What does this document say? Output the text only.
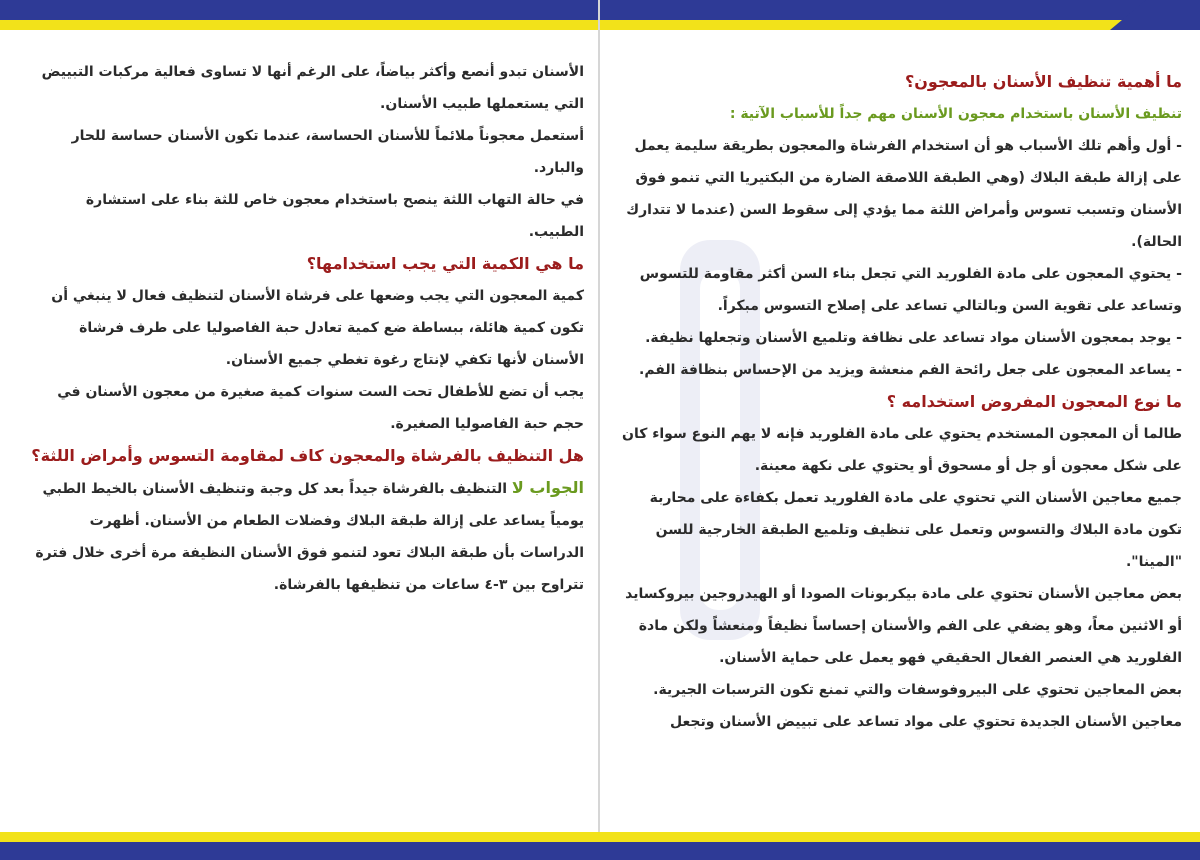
ما أهمية تنظيف الأسنان بالمعجون؟

تنظيف الأسنان باستخدام معجون الأسنان مهم جداً للأسباب الآتية :

- أول وأهم تلك الأسباب هو أن استخدام الفرشاة والمعجون بطريقة سليمة يعمل على إزالة طبقة البلاك (وهي الطبقة اللاصقة الضارة من البكتيريا التي تنمو فوق الأسنان وتسبب تسوس وأمراض اللثة مما يؤدي إلى سقوط السن (عندما لا تتدارك الحالة).

- يحتوي المعجون على مادة الفلوريد التي تجعل بناء السن أكثر مقاومة للتسوس وتساعد على تقوية السن وبالتالي تساعد على إصلاح التسوس مبكراً.

- يوجد بمعجون الأسنان مواد تساعد على نظافة وتلميع الأسنان وتجعلها نظيفة.

- يساعد المعجون على جعل رائحة الفم منعشة ويزيد من الإحساس بنظافة الفم.

ما نوع المعجون المفروض استخدامه ؟

طالما أن المعجون المستخدم يحتوي على مادة الفلوريد فإنه لا يهم النوع سواء كان على شكل معجون أو جل أو مسحوق أو يحتوي على نكهة معينة.

جميع معاجين الأسنان التي تحتوي على مادة الفلوريد تعمل بكفاءة على محاربة تكون مادة البلاك والتسوس وتعمل على تنظيف وتلميع الطبقة الخارجية للسن "المينا".

بعض معاجين الأسنان تحتوي على مادة بيكربونات الصودا أو الهيدروجين بيروكسايد أو الاثنين معاً، وهو يضفي على الفم والأسنان إحساساً نظيفاً ومنعشاً ولكن مادة الفلوريد هي العنصر الفعال الحقيقي فهو يعمل على حماية الأسنان.

بعض المعاجين تحتوي على البيروفوسفات والتي تمنع تكون الترسبات الجيرية.

معاجين الأسنان الجديدة تحتوي على مواد تساعد على تبييض الأسنان وتجعل

الأسنان تبدو أنصع وأكثر بياضاً، على الرغم أنها لا تساوى فعالية مركبات التبييض التي يستعملها طبيب الأسنان.

أستعمل معجوناً ملائماً للأسنان الحساسة، عندما تكون الأسنان حساسة للحار والبارد.

في حالة التهاب اللثة ينصح باستخدام معجون خاص للثة بناء على استشارة الطبيب.

ما هي الكمية التي يجب استخدامها؟

كمية المعجون التي يجب وضعها على فرشاة الأسنان لتنظيف فعال لا ينبغي أن تكون كمية هائلة، ببساطة ضع كمية تعادل حبة الفاصوليا على طرف فرشاة الأسنان لأنها تكفي لإنتاج رغوة تغطي جميع الأسنان.

يجب أن تضع للأطفال تحت الست سنوات كمية صغيرة من معجون الأسنان في حجم حبة الفاصوليا الصغيرة.

هل التنظيف بالفرشاة والمعجون كاف لمقاومة التسوس وأمراض اللثة؟

الجواب لا التنظيف بالفرشاة جيداً بعد كل وجبة وتنظيف الأسنان بالخيط الطبي يومياً يساعد على إزالة طبقة البلاك وفضلات الطعام من الأسنان. أظهرت الدراسات بأن طبقة البلاك تعود لتنمو فوق الأسنان النظيفة مرة أخرى خلال فترة تتراوح بين ٣-٤ ساعات من تنظيفها بالفرشاة.
